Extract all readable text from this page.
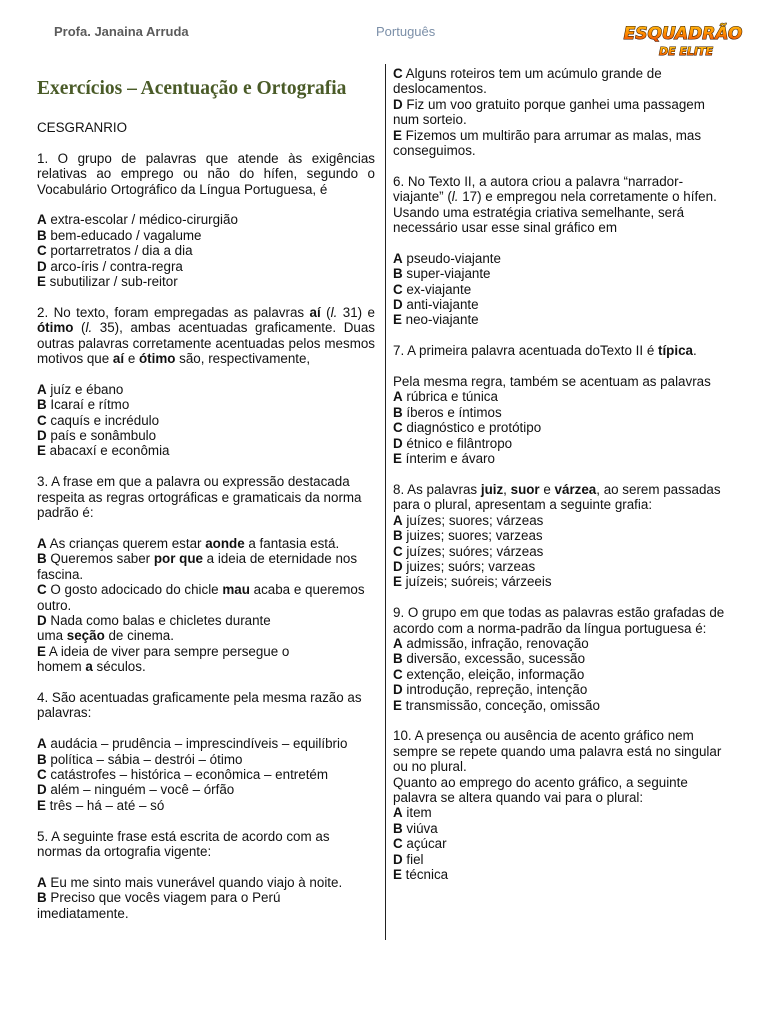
Profa. Janaina Arruda	Português	ESQUADRÃO
DE ELITE
Exercícios – Acentuação e Ortografia

CESGRANRIO

1. O grupo de palavras que atende às exigências relativas ao emprego ou não do hífen, segundo o Vocabulário Ortográfico da Língua Portuguesa, é

A extra-escolar / médico-cirurgião

B bem-educado / vagalume

C portarretratos / dia a dia

D arco-íris / contra-regra

E subutilizar / sub-reitor

2. No texto, foram empregadas as palavras aí (l. 31) e ótimo (l. 35), ambas acentuadas graficamente. Duas outras palavras corretamente acentuadas pelos mesmos motivos que aí e ótimo são, respectivamente,

A juíz e ébano

B Icaraí e rítmo

C caquís e incrédulo

D país e sonâmbulo

E abacaxí e econômia

3. A frase em que a palavra ou expressão destacada respeita as regras ortográficas e gramaticais da norma padrão é:

A As crianças querem estar aonde a fantasia está.

B Queremos saber por que a ideia de eternidade nos fascina.

C O gosto adocicado do chicle mau acaba e queremos outro.

D Nada como balas e chicletes durante
uma seção de cinema.

E A ideia de viver para sempre persegue o
homem a séculos.

4. São acentuadas graficamente pela mesma razão as palavras:

A audácia – prudência – imprescindíveis – equilíbrio

B política – sábia – destrói – ótimo

C catástrofes – histórica – econômica – entretém

D além – ninguém – você – órfão

E três – há – até – só

5. A seguinte frase está escrita de acordo com as normas da ortografia vigente:

A Eu me sinto mais vunerável quando viajo à noite.

B Preciso que vocês viagem para o Perú imediatamente.

C Alguns roteiros tem um acúmulo grande de deslocamentos.

D Fiz um voo gratuito porque ganhei uma passagem num sorteio.

E Fizemos um multirão para arrumar as malas, mas conseguimos.

6. No Texto II, a autora criou a palavra “narrador-viajante” (l. 17) e empregou nela corretamente o hífen.

Usando uma estratégia criativa semelhante, será necessário usar esse sinal gráfico em

A pseudo-viajante

B super-viajante

C ex-viajante

D anti-viajante

E neo-viajante

7. A primeira palavra acentuada doTexto II é típica.

Pela mesma regra, também se acentuam as palavras

A rúbrica e túnica

B íberos e íntimos

C diagnóstico e protótipo

D étnico e filântropo

E ínterim e ávaro

8. As palavras juiz, suor e várzea, ao serem passadas para o plural, apresentam a seguinte grafia:

A juízes; suores; várzeas

B juizes; suores; varzeas

C juízes; suóres; várzeas

D juizes; suórs; varzeas

E juízeis; suóreis; várzeeis

9. O grupo em que todas as palavras estão grafadas de acordo com a norma-padrão da língua portuguesa é:

A admissão, infração, renovação

B diversão, excessão, sucessão

C extenção, eleição, informação

D introdução, repreção, intenção

E transmissão, conceção, omissão

10. A presença ou ausência de acento gráfico nem sempre se repete quando uma palavra está no singular ou no plural.

Quanto ao emprego do acento gráfico, a seguinte palavra se altera quando vai para o plural:

A item

B viúva

C açúcar

D fiel

E técnica
